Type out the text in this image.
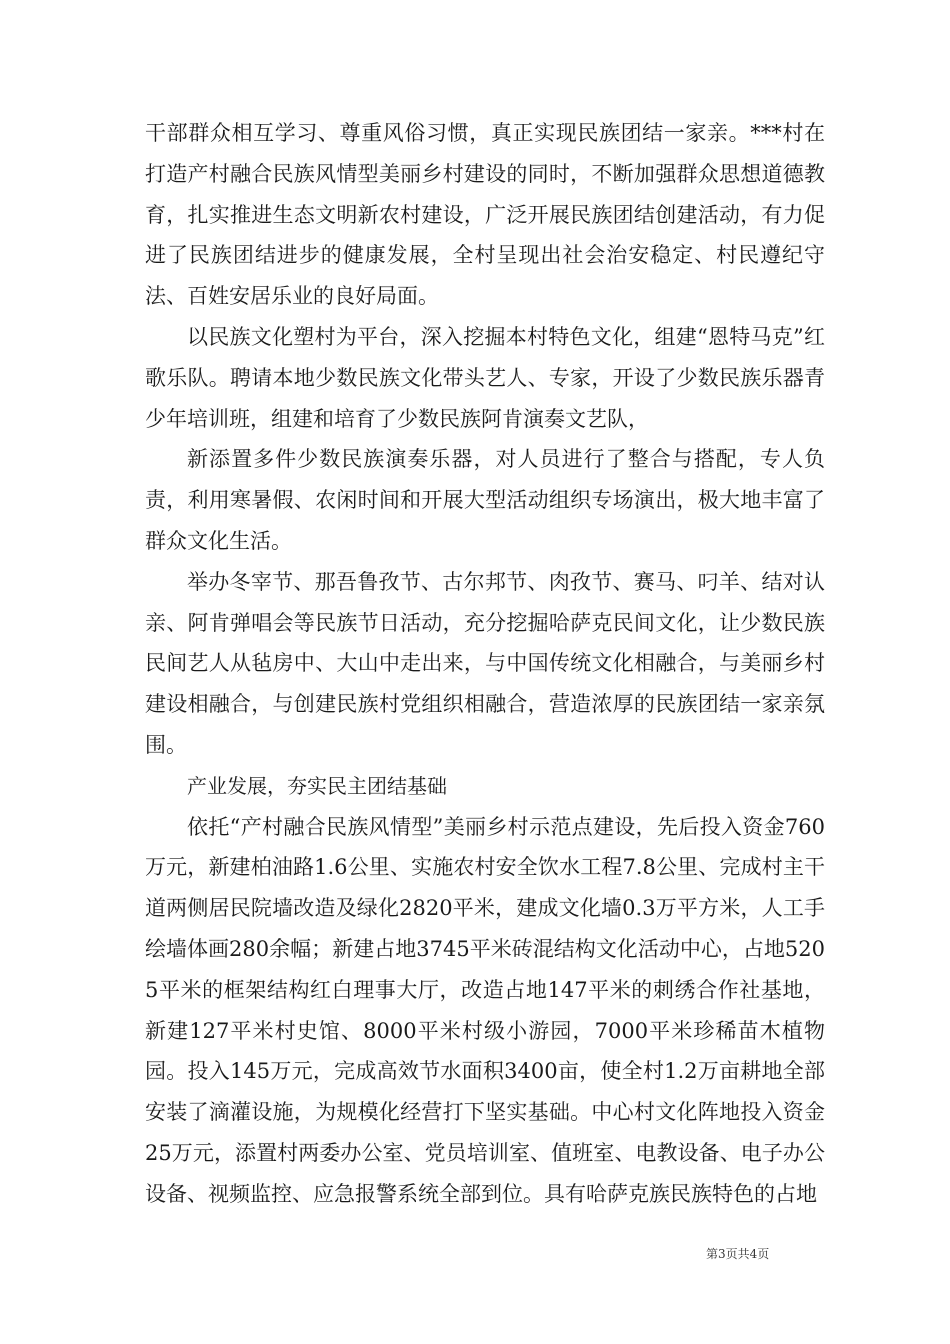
干部群众相互学习、尊重风俗习惯，真正实现民族团结一家亲。***村在打造产村融合民族风情型美丽乡村建设的同时，不断加强群众思想道德教育，扎实推进生态文明新农村建设，广泛开展民族团结创建活动，有力促进了民族团结进步的健康发展，全村呈现出社会治安稳定、村民遵纪守法、百姓安居乐业的良好局面。

以民族文化塑村为平台，深入挖掘本村特色文化，组建“恩特马克”红歌乐队。聘请本地少数民族文化带头艺人、专家，开设了少数民族乐器青少年培训班，组建和培育了少数民族阿肯演奏文艺队，

新添置多件少数民族演奏乐器，对人员进行了整合与搭配，专人负责，利用寒暑假、农闲时间和开展大型活动组织专场演出，极大地丰富了群众文化生活。

举办冬宰节、那吾鲁孜节、古尔邦节、肉孜节、赛马、叼羊、结对认亲、阿肯弹唱会等民族节日活动，充分挖掘哈萨克民间文化，让少数民族民间艺人从毡房中、大山中走出来，与中国传统文化相融合，与美丽乡村建设相融合，与创建民族村党组织相融合，营造浓厚的民族团结一家亲氛围。

产业发展，夯实民主团结基础

依托“产村融合民族风情型”美丽乡村示范点建设，先后投入资金760万元，新建柏油路1.6公里、实施农村安全饮水工程7.8公里、完成村主干道两侧居民院墙改造及绿化2820平米，建成文化墙0.3万平方米，人工手绘墙体画280余幅；新建占地3745平米砖混结构文化活动中心，占地5205平米的框架结构红白理事大厅，改造占地147平米的刺绣合作社基地，新建127平米村史馆、8000平米村级小游园，7000平米珍稀苗木植物园。投入145万元，完成高效节水面积3400亩，使全村1.2万亩耕地全部安装了滴灌设施，为规模化经营打下坚实基础。中心村文化阵地投入资金25万元，添置村两委办公室、党员培训室、值班室、电教设备、电子办公设备、视频监控、应急报警系统全部到位。具有哈萨克族民族特色的占地

第3页共4页
